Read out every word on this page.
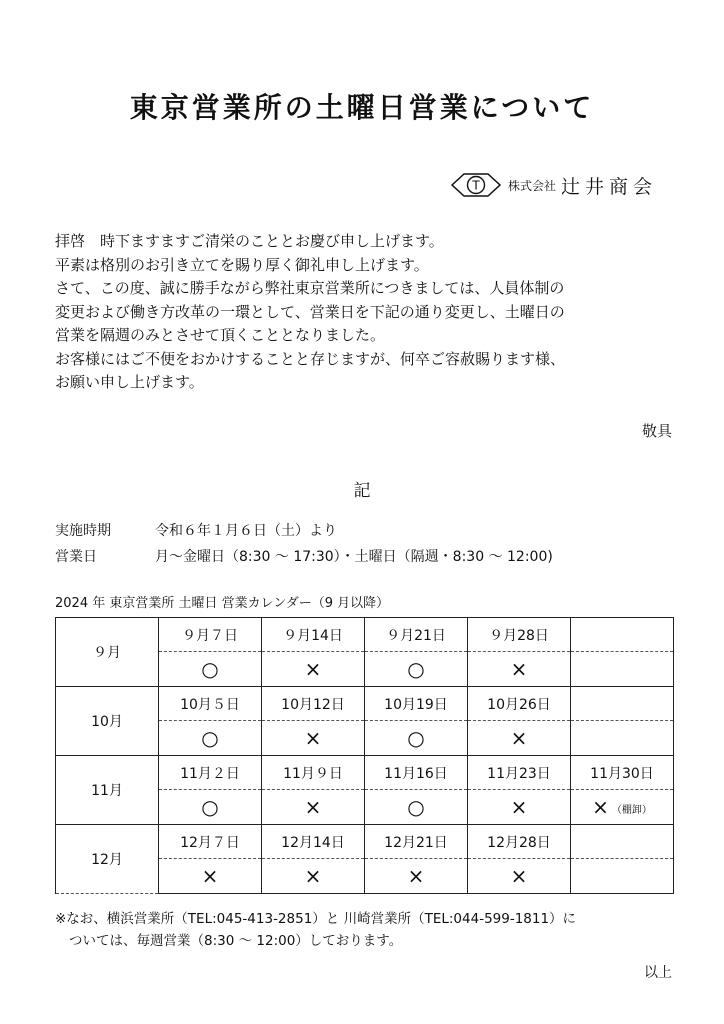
東京営業所の土曜日営業について
T 株式会社 辻井商会

拝啓　時下ますますご清栄のこととお慶び申し上げます。

平素は格別のお引き立てを賜り厚く御礼申し上げます。

さて、この度、誠に勝手ながら弊社東京営業所につきましては、人員体制の

変更および働き方改革の一環として、営業日を下記の通り変更し、土曜日の

営業を隔週のみとさせて頂くこととなりました。

お客様にはご不便をおかけすることと存じますが、何卒ご容赦賜ります様、

お願い申し上げます。

敬具
記
実施時期	令和６年１月６日（土）より
営業日	月～金曜日（8:30 ～ 17:30）・土曜日（隔週・8:30 ～ 12:00)
2024 年 東京営業所 土曜日 営業カレンダー（9 月以降）
９月	９月７日	９月14日	９月21日	９月28日	
	○	×	○	×	
10月	10月５日	10月12日	10月19日	10月26日	
	○	×	○	×	
11月	11月２日	11月９日	11月16日	11月23日	11月30日
	○	×	○	×	× （棚卸）
12月	12月７日	12月14日	12月21日	12月28日	
	×	×	×	×	
※なお、横浜営業所（TEL:045-413-2851）と 川崎営業所（TEL:044-599-1811）に
ついては、毎週営業（8:30 ～ 12:00）しております。
以上
